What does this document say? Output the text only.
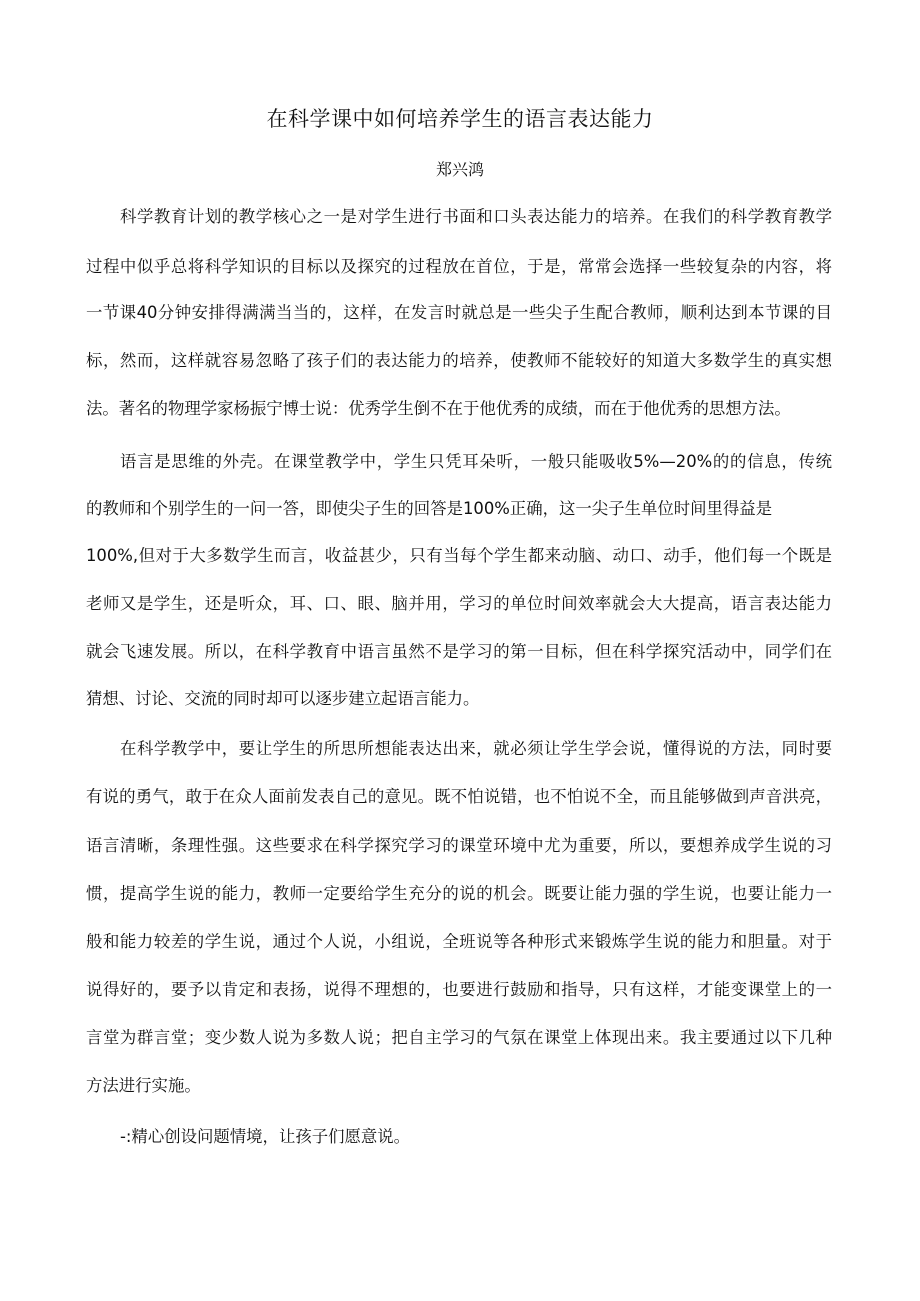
在科学课中如何培养学生的语言表达能力
郑兴鸿
科学教育计划的教学核心之一是对学生进行书面和口头表达能力的培养。在我们的科学教育教学
过程中似乎总将科学知识的目标以及探究的过程放在首位，于是，常常会选择一些较复杂的内容，将
一节课40分钟安排得满满当当的，这样，在发言时就总是一些尖子生配合教师，顺利达到本节课的目
标，然而，这样就容易忽略了孩子们的表达能力的培养，使教师不能较好的知道大多数学生的真实想
法。著名的物理学家杨振宁博士说：优秀学生倒不在于他优秀的成绩，而在于他优秀的思想方法。
语言是思维的外壳。在课堂教学中，学生只凭耳朵听，一般只能吸收5%—20%的的信息，传统
的教师和个别学生的一问一答，即使尖子生的回答是100%正确，这一尖子生单位时间里得益是
100%,但对于大多数学生而言，收益甚少，只有当每个学生都来动脑、动口、动手，他们每一个既是
老师又是学生，还是听众，耳、口、眼、脑并用，学习的单位时间效率就会大大提高，语言表达能力
就会飞速发展。所以，在科学教育中语言虽然不是学习的第一目标，但在科学探究活动中，同学们在
猜想、讨论、交流的同时却可以逐步建立起语言能力。
在科学教学中，要让学生的所思所想能表达出来，就必须让学生学会说，懂得说的方法，同时要
有说的勇气，敢于在众人面前发表自己的意见。既不怕说错，也不怕说不全，而且能够做到声音洪亮，
语言清晰，条理性强。这些要求在科学探究学习的课堂环境中尤为重要，所以，要想养成学生说的习
惯，提高学生说的能力，教师一定要给学生充分的说的机会。既要让能力强的学生说，也要让能力一
般和能力较差的学生说，通过个人说，小组说，全班说等各种形式来锻炼学生说的能力和胆量。对于
说得好的，要予以肯定和表扬，说得不理想的，也要进行鼓励和指导，只有这样，才能变课堂上的一
言堂为群言堂；变少数人说为多数人说；把自主学习的气氛在课堂上体现出来。我主要通过以下几种
方法进行实施。
-:精心创设问题情境，让孩子们愿意说。
